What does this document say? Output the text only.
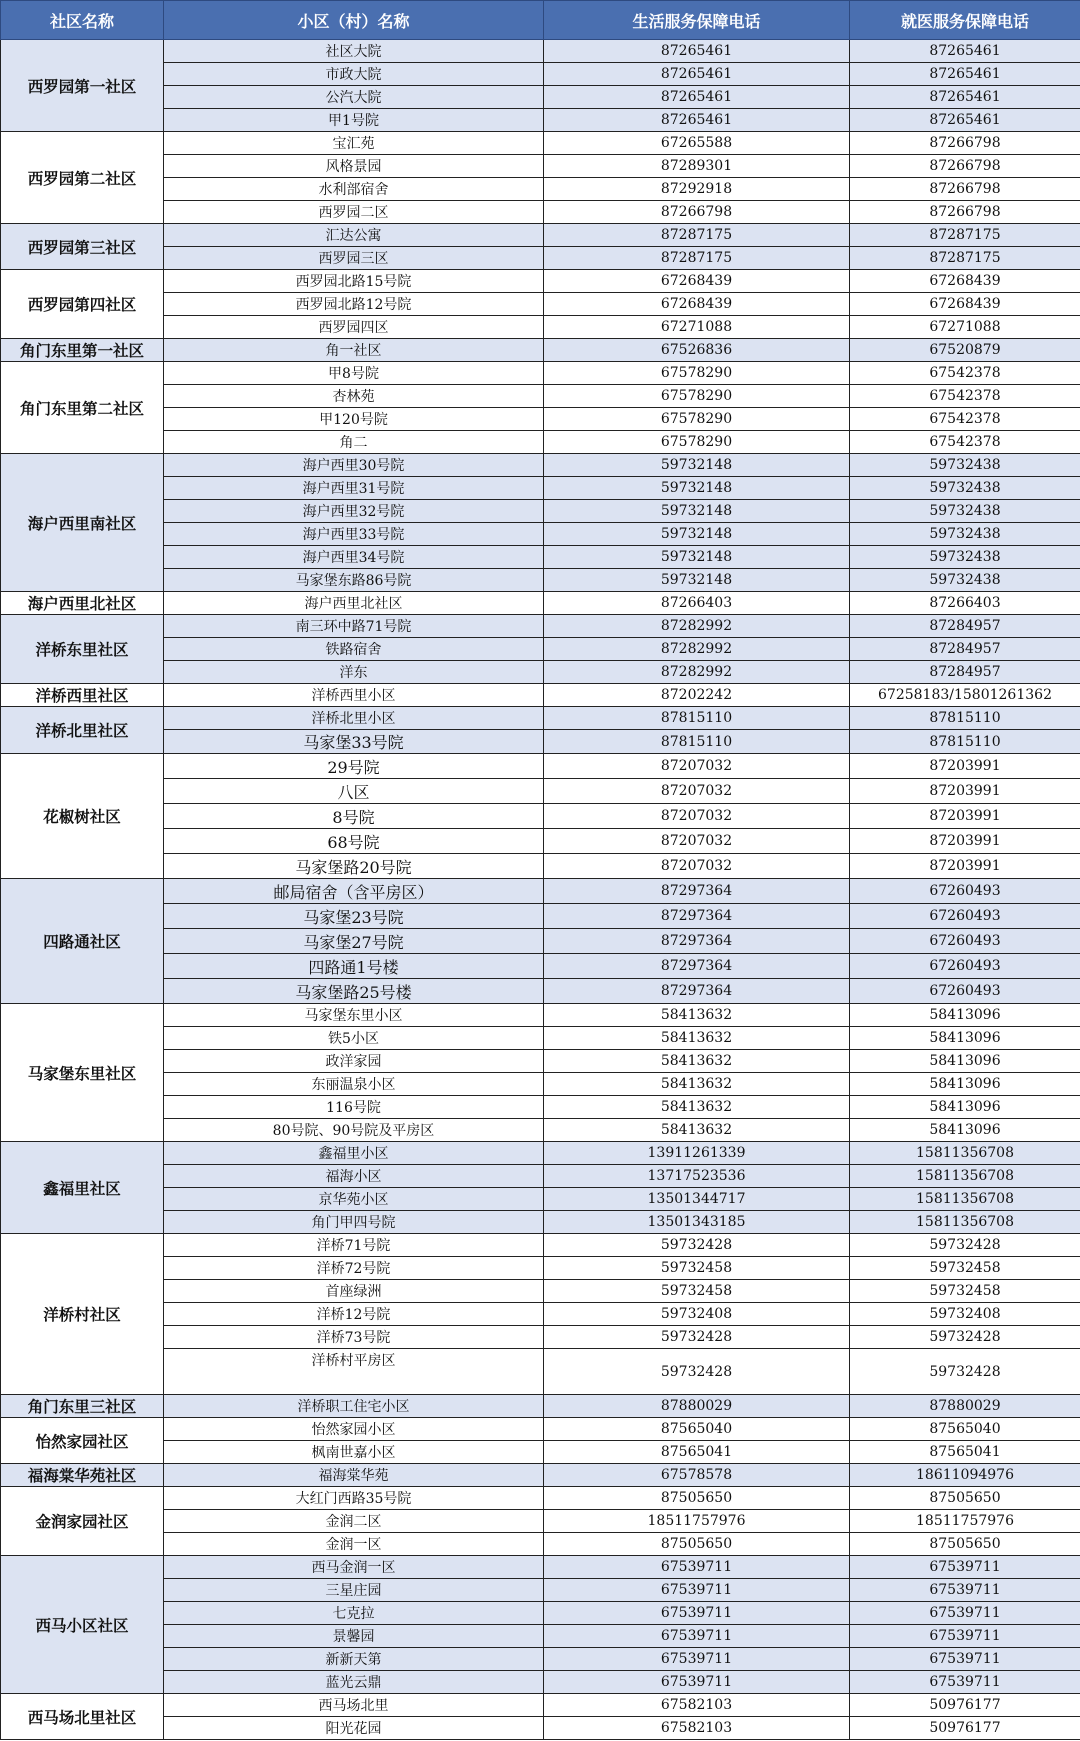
社区名称	小区（村）名称	生活服务保障电话	就医服务保障电话
西罗园第一社区	社区大院	87265461	87265461
	市政大院	87265461	87265461
	公汽大院	87265461	87265461
	甲1号院	87265461	87265461
西罗园第二社区	宝汇苑	67265588	87266798
	风格景园	87289301	87266798
	水利部宿舍	87292918	87266798
	西罗园二区	87266798	87266798
西罗园第三社区	汇达公寓	87287175	87287175
	西罗园三区	87287175	87287175
西罗园第四社区	西罗园北路15号院	67268439	67268439
	西罗园北路12号院	67268439	67268439
	西罗园四区	67271088	67271088
角门东里第一社区	角一社区	67526836	67520879
角门东里第二社区	甲8号院	67578290	67542378
	杏林苑	67578290	67542378
	甲120号院	67578290	67542378
	角二	67578290	67542378
海户西里南社区	海户西里30号院	59732148	59732438
	海户西里31号院	59732148	59732438
	海户西里32号院	59732148	59732438
	海户西里33号院	59732148	59732438
	海户西里34号院	59732148	59732438
	马家堡东路86号院	59732148	59732438
海户西里北社区	海户西里北社区	87266403	87266403
洋桥东里社区	南三环中路71号院	87282992	87284957
	铁路宿舍	87282992	87284957
	洋东	87282992	87284957
洋桥西里社区	洋桥西里小区	87202242	67258183/15801261362
洋桥北里社区	洋桥北里小区	87815110	87815110
	马家堡33号院	87815110	87815110
花椒树社区	29号院	87207032	87203991
	八区	87207032	87203991
	8号院	87207032	87203991
	68号院	87207032	87203991
	马家堡路20号院	87207032	87203991
四路通社区	邮局宿舍（含平房区）	87297364	67260493
	马家堡23号院	87297364	67260493
	马家堡27号院	87297364	67260493
	四路通1号楼	87297364	67260493
	马家堡路25号楼	87297364	67260493
马家堡东里社区	马家堡东里小区	58413632	58413096
	铁5小区	58413632	58413096
	政洋家园	58413632	58413096
	东丽温泉小区	58413632	58413096
	116号院	58413632	58413096
	80号院、90号院及平房区	58413632	58413096
鑫福里社区	鑫福里小区	13911261339	15811356708
	福海小区	13717523536	15811356708
	京华苑小区	13501344717	15811356708
	角门甲四号院	13501343185	15811356708
洋桥村社区	洋桥71号院	59732428	59732428
	洋桥72号院	59732458	59732458
	首座绿洲	59732458	59732458
	洋桥12号院	59732408	59732408
	洋桥73号院	59732428	59732428
	洋桥村平房区	59732428	59732428
角门东里三社区	洋桥职工住宅小区	87880029	87880029
怡然家园社区	怡然家园小区	87565040	87565040
	枫南世嘉小区	87565041	87565041
福海棠华苑社区	福海棠华苑	67578578	18611094976
金润家园社区	大红门西路35号院	87505650	87505650
	金润二区	18511757976	18511757976
	金润一区	87505650	87505650
西马小区社区	西马金润一区	67539711	67539711
	三星庄园	67539711	67539711
	七克拉	67539711	67539711
	景馨园	67539711	67539711
	新新天第	67539711	67539711
	蓝光云鼎	67539711	67539711
西马场北里社区	西马场北里	67582103	50976177
	阳光花园	67582103	50976177
